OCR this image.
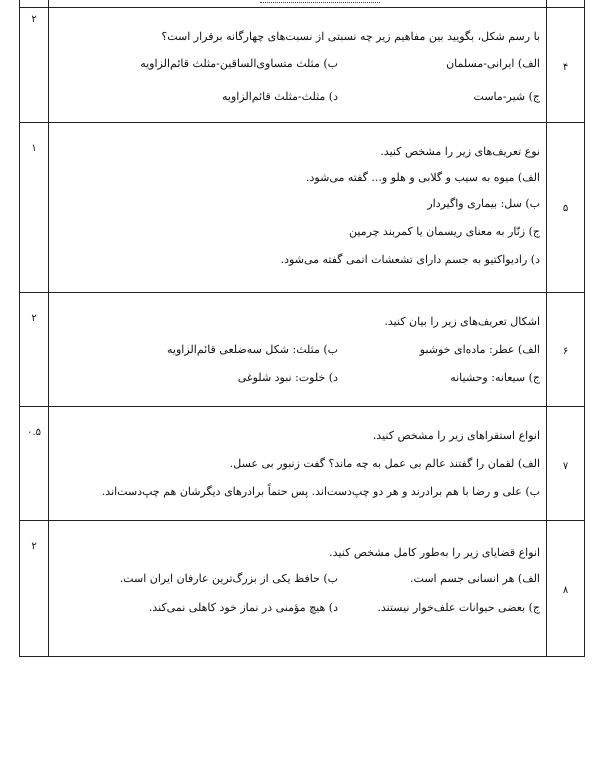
۲
۴
با رسم شکل، بگویید بین مفاهیم زیر چه نسبتی از نسبت‌های چهارگانه برقرار است؟
الف) ایرانی-مسلمان
ب) مثلث متساوی‌الساقین-مثلث قائم‌الزاویه
ج) شیر-ماست
د) مثلث-مثلث قائم‌الزاویه
۱
۵
نوع تعریف‌های زیر را مشخص کنید.
الف) میوه به سیب و گلابی و هلو و... گفته می‌شود.
ب) سل: بیماری واگیردار
ج) زنّار به معنای ریسمان یا کمربند چرمین
د) رادیواکتیو به جسم دارای تشعشات اتمی گفته می‌شود.
۲
۶
اشکال تعریف‌های زیر را بیان کنید.
الف) عطر: ماده‌ای خوشبو
ب) مثلث: شکل سه‌ضلعی قائم‌الزاویه
ج) سیعانه: وحشیانه
د) خلوت: نبود شلوغی
۰.۵
۷
انواع استقراهای زیر را مشخص کنید.
الف) لقمان را گفتند عالم بی عمل به چه ماند؟ گفت زنبور بی عسل.
ب) علی و رضا با هم برادرند و هر دو چپ‌دست‌اند. پس حتماً برادرهای دیگرشان هم چپ‌دست‌اند.
۲
۸
انواع قضایای زیر را به‌طور کامل مشخص کنید.
الف) هر انسانی جسم است.
ب) حافظ یکی از بزرگ‌ترین عارفان ایران است.
ج) بعضی حیوانات علف‌خوار نیستند.
د) هیچ مؤمنی در نماز خود کاهلی نمی‌کند.
